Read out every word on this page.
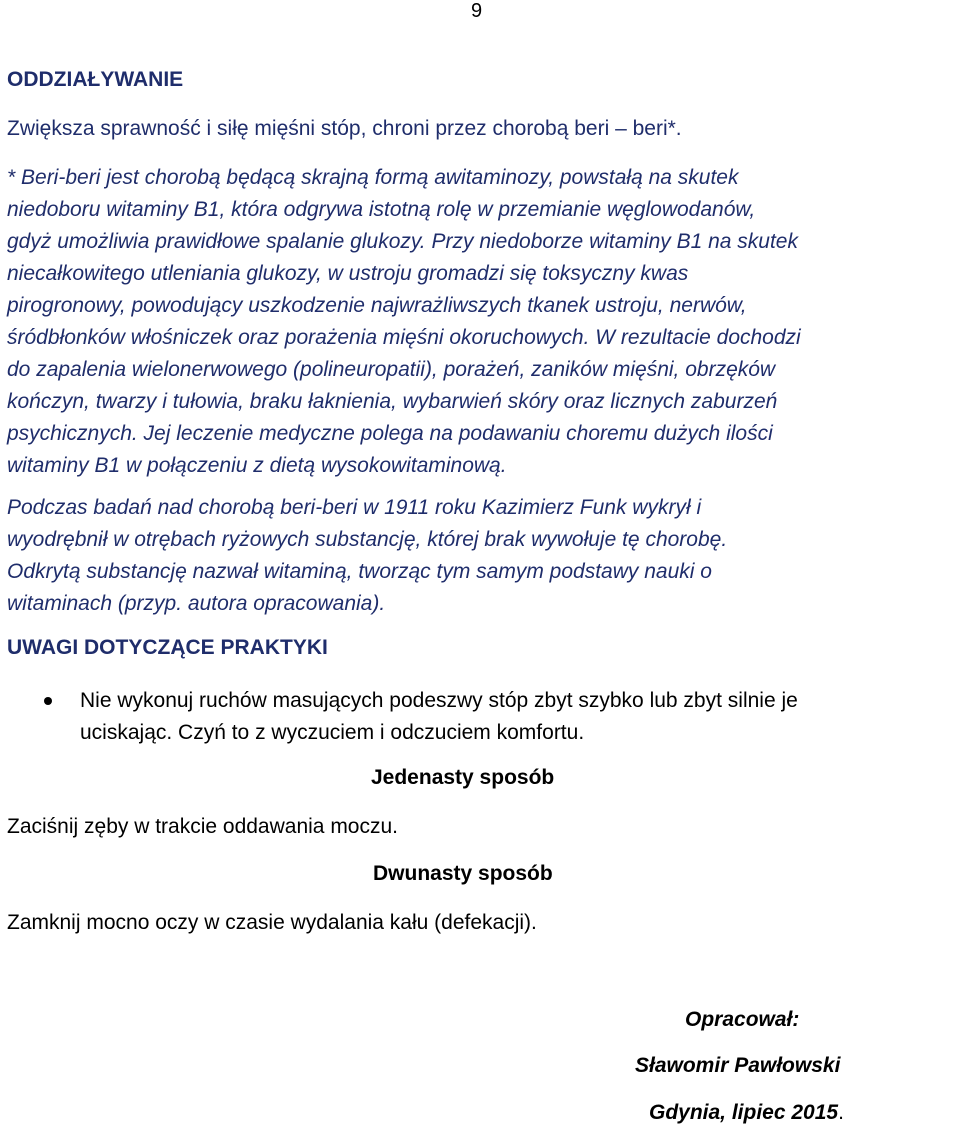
9
ODDZIAŁYWANIE
Zwiększa sprawność i siłę mięśni stóp, chroni przez chorobą beri – beri*.
* Beri-beri jest chorobą będącą skrajną formą awitaminozy, powstałą na skutek
niedoboru witaminy B1, która odgrywa istotną rolę w przemianie węglowodanów,
gdyż umożliwia prawidłowe spalanie glukozy. Przy niedoborze witaminy B1 na skutek
niecałkowitego utleniania glukozy, w ustroju gromadzi się toksyczny kwas
pirogronowy, powodujący uszkodzenie najwrażliwszych tkanek ustroju, nerwów,
śródbłonków włośniczek oraz porażenia mięśni okoruchowych. W rezultacie dochodzi
do zapalenia wielonerwowego (polineuropatii), porażeń, zaników mięśni, obrzęków
kończyn, twarzy i tułowia, braku łaknienia, wybarwień skóry oraz licznych zaburzeń
psychicznych. Jej leczenie medyczne polega na podawaniu choremu dużych ilości
witaminy B1 w połączeniu z dietą wysokowitaminową.
Podczas badań nad chorobą beri-beri w 1911 roku Kazimierz Funk wykrył i
wyodrębnił w otrębach ryżowych substancję, której brak wywołuje tę chorobę.
Odkrytą substancję nazwał witaminą, tworząc tym samym podstawy nauki o
witaminach (przyp. autora opracowania).
UWAGI DOTYCZĄCE PRAKTYKI
Nie wykonuj ruchów masujących podeszwy stóp zbyt szybko lub zbyt silnie je
uciskając. Czyń to z wyczuciem i odczuciem komfortu.
Jedenasty sposób
Zaciśnij zęby w trakcie oddawania moczu.
Dwunasty sposób
Zamknij mocno oczy w czasie wydalania kału (defekacji).
Opracował:
Sławomir Pawłowski
Gdynia, lipiec 2015.
